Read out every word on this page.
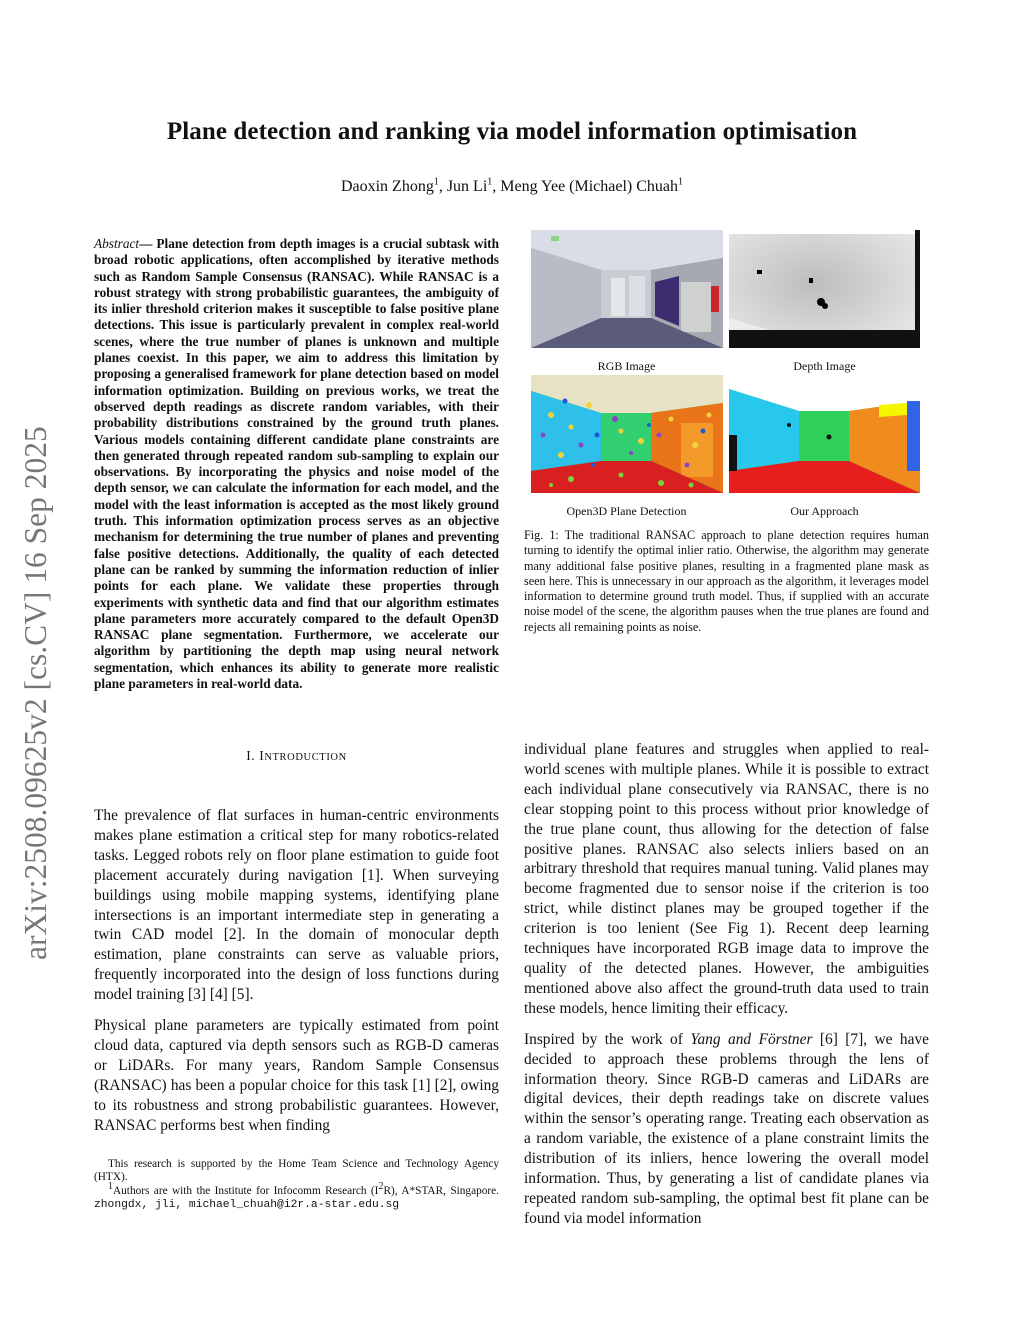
Plane detection and ranking via model information optimisation
Daoxin Zhong$^1$, Jun Li$^1$, Meng Yee (Michael) Chuah$^1$
arXiv:2508.09625v2 [cs.CV] 16 Sep 2025
Abstract— Plane detection from depth images is a crucial subtask with broad robotic applications, often accomplished by iterative methods such as Random Sample Consensus (RANSAC). While RANSAC is a robust strategy with strong probabilistic guarantees, the ambiguity of its inlier threshold criterion makes it susceptible to false positive plane detections. This issue is particularly prevalent in complex real-world scenes, where the true number of planes is unknown and multiple planes coexist. In this paper, we aim to address this limitation by proposing a generalised framework for plane detection based on model information optimization. Building on previous works, we treat the observed depth readings as discrete random variables, with their probability distributions constrained by the ground truth planes. Various models containing different candidate plane constraints are then generated through repeated random sub-sampling to explain our observations. By incorporating the physics and noise model of the depth sensor, we can calculate the information for each model, and the model with the least information is accepted as the most likely ground truth. This information optimization process serves as an objective mechanism for determining the true number of planes and preventing false positive detections. Additionally, the quality of each detected plane can be ranked by summing the information reduction of inlier points for each plane. We validate these properties through experiments with synthetic data and find that our algorithm estimates plane parameters more accurately compared to the default Open3D RANSAC plane segmentation. Furthermore, we accelerate our algorithm by partitioning the depth map using neural network segmentation, which enhances its ability to generate more realistic plane parameters in real-world data.
I. INTRODUCTION

The prevalence of flat surfaces in human-centric environments makes plane estimation a critical step for many robotics-related tasks. Legged robots rely on floor plane estimation to guide foot placement accurately during navigation [1]. When surveying buildings using mobile mapping systems, identifying plane intersections is an important intermediate step in generating a twin CAD model [2]. In the domain of monocular depth estimation, plane constraints can serve as valuable priors, frequently incorporated into the design of loss functions during model training [3] [4] [5].

Physical plane parameters are typically estimated from point cloud data, captured via depth sensors such as RGB-D cameras or LiDARs. For many years, Random Sample Consensus (RANSAC) has been a popular choice for this task [1] [2], owing to its robustness and strong probabilistic guarantees. However, RANSAC performs best when finding

This research is supported by the Home Team Science and Technology Agency (HTX).

$^1$Authors are with the Institute for Infocomm Research $(I^2R)$, A*STAR, Singapore. zhongdx, jli, michael_chuah@i2r.a-star.edu.sg

RGB Image	Depth Image
Open3D Plane Detection	Our Approach
Fig. 1: The traditional RANSAC approach to plane detection requires human turning to identify the optimal inlier ratio. Otherwise, the algorithm may generate many additional false positive planes, resulting in a fragmented plane mask as seen here. This is unnecessary in our approach as the algorithm, it leverages model information to determine ground truth model. Thus, if supplied with an accurate noise model of the scene, the algorithm pauses when the true planes are found and rejects all remaining points as noise.

individual plane features and struggles when applied to real-world scenes with multiple planes. While it is possible to extract each individual plane consecutively via RANSAC, there is no clear stopping point to this process without prior knowledge of the true plane count, thus allowing for the detection of false positive planes. RANSAC also selects inliers based on an arbitrary threshold that requires manual tuning. Valid planes may become fragmented due to sensor noise if the criterion is too strict, while distinct planes may be grouped together if the criterion is too lenient (See Fig 1). Recent deep learning techniques have incorporated RGB image data to improve the quality of the detected planes. However, the ambiguities mentioned above also affect the ground-truth data used to train these models, hence limiting their efficacy.

Inspired by the work of Yang and Förstner [6] [7], we have decided to approach these problems through the lens of information theory. Since RGB-D cameras and LiDARs are digital devices, their depth readings take on discrete values within the sensor’s operating range. Treating each observation as a random variable, the existence of a plane constraint limits the distribution of its inliers, hence lowering the overall model information. Thus, by generating a list of candidate planes via repeated random sub-sampling, the optimal best fit plane can be found via model information
